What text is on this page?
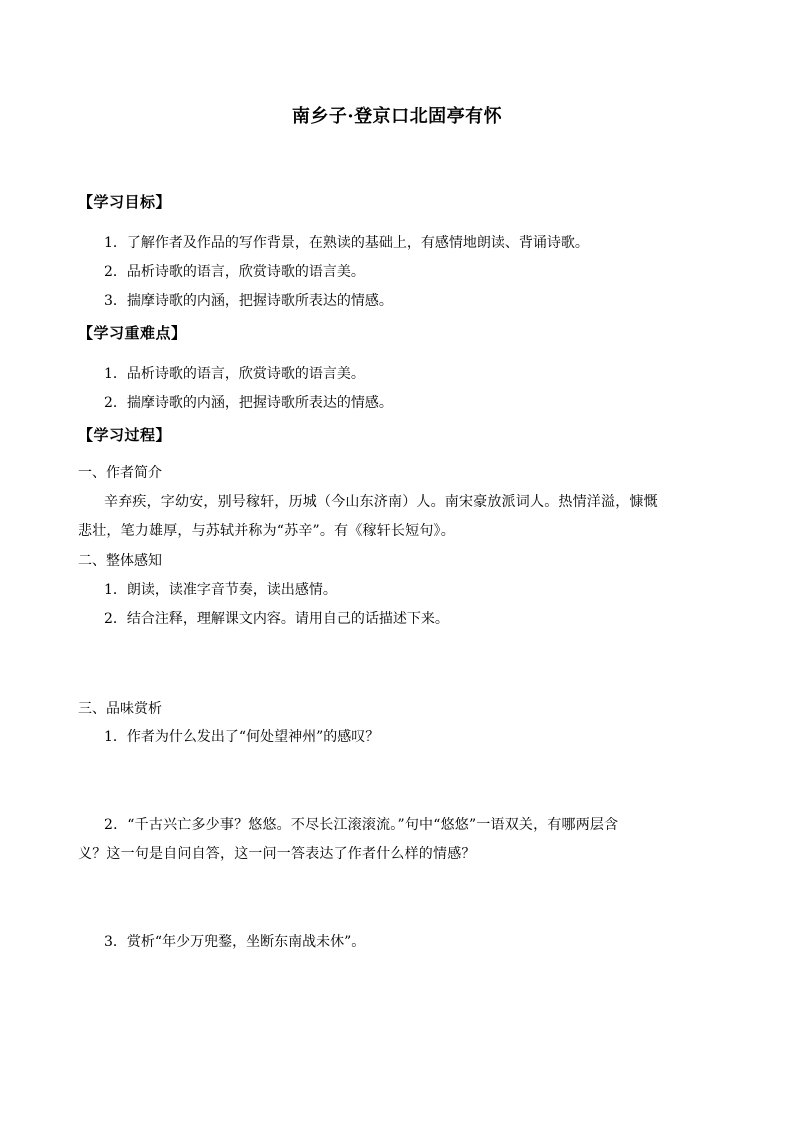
南乡子·登京口北固亭有怀
【学习目标】
1．了解作者及作品的写作背景，在熟读的基础上，有感情地朗读、背诵诗歌。
2．品析诗歌的语言，欣赏诗歌的语言美。
3．揣摩诗歌的内涵，把握诗歌所表达的情感。
【学习重难点】
1．品析诗歌的语言，欣赏诗歌的语言美。
2．揣摩诗歌的内涵，把握诗歌所表达的情感。
【学习过程】
一、作者简介
辛弃疾，字幼安，别号稼轩，历城（今山东济南）人。南宋豪放派词人。热情洋溢，慷慨
悲壮，笔力雄厚，与苏轼并称为“苏辛”。有《稼轩长短句》。
二、整体感知
1．朗读，读准字音节奏，读出感情。
2．结合注释，理解课文内容。请用自己的话描述下来。
三、品味赏析
1．作者为什么发出了“何处望神州”的感叹？
2．“千古兴亡多少事？悠悠。不尽长江滚滚流。”句中“悠悠”一语双关，有哪两层含
义？这一句是自问自答，这一问一答表达了作者什么样的情感？
3．赏析“年少万兜鍪，坐断东南战未休”。
